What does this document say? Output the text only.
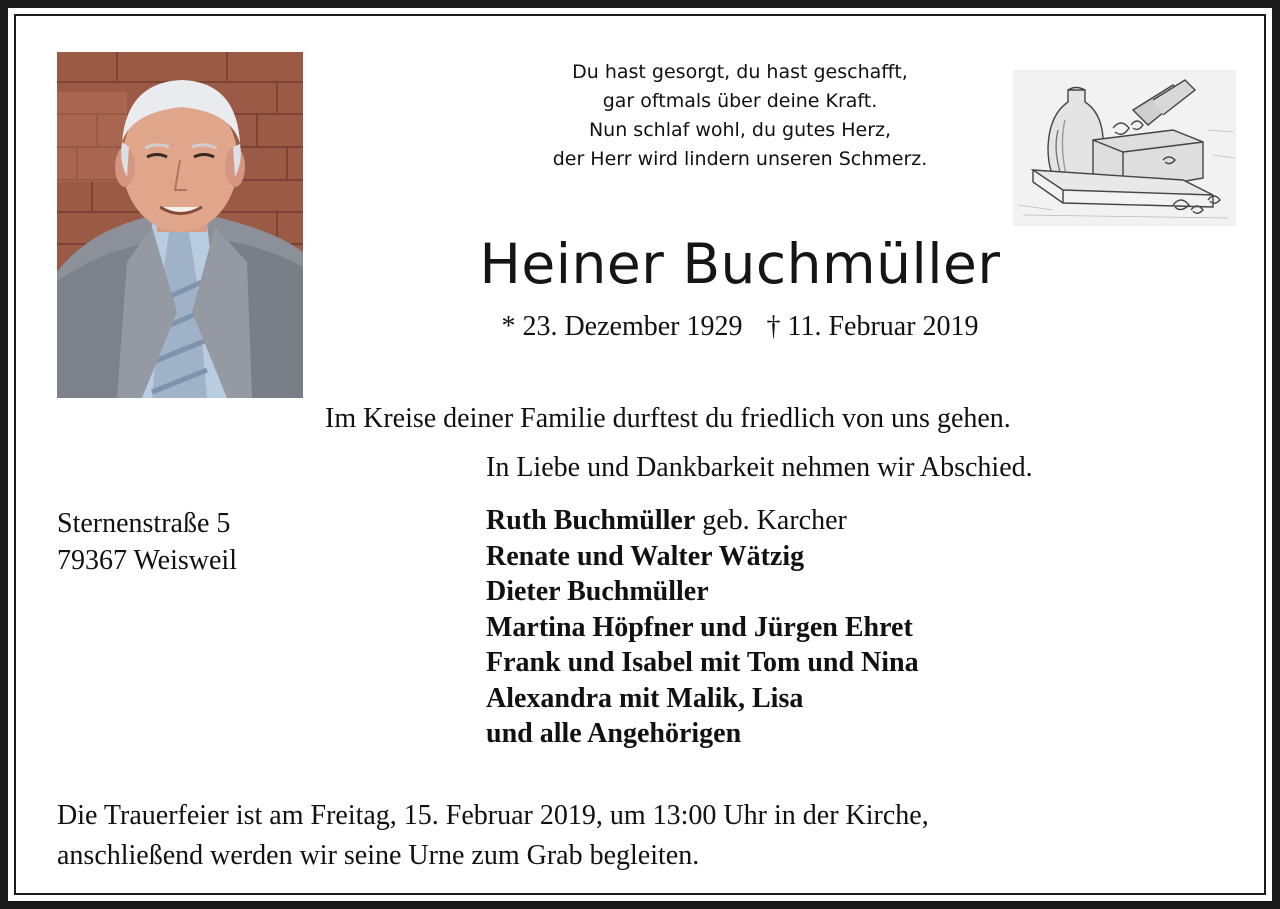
Du hast gesorgt, du hast geschafft,
gar oftmals über deine Kraft.
Nun schlaf wohl, du gutes Herz,
der Herr wird lindern unseren Schmerz.
Heiner Buchmüller
* 23. Dezember 1929 † 11. Februar 2019
Im Kreise deiner Familie durftest du friedlich von uns gehen.
In Liebe und Dankbarkeit nehmen wir Abschied.
Sternenstraße 5
79367 Weisweil
Ruth Buchmüller geb. Karcher
Renate und Walter Wätzig
Dieter Buchmüller
Martina Höpfner und Jürgen Ehret
Frank und Isabel mit Tom und Nina
Alexandra mit Malik, Lisa
und alle Angehörigen
Die Trauerfeier ist am Freitag, 15. Februar 2019, um 13:00 Uhr in der Kirche,
anschließend werden wir seine Urne zum Grab begleiten.
